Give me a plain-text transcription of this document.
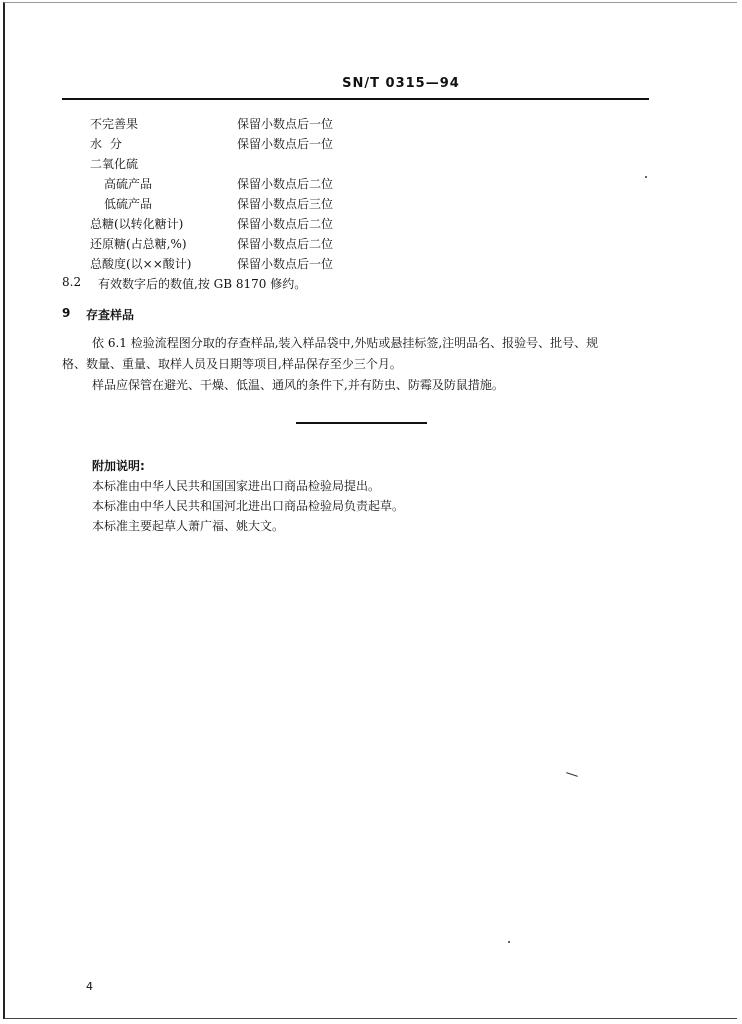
SN/T 0315—94
不完善果	保留小数点后一位
水 分	保留小数点后一位
二氧化硫
高硫产品	保留小数点后二位
低硫产品	保留小数点后三位
总糖(以转化糖计)	保留小数点后二位
还原糖(占总糖,%)	保留小数点后二位
总酸度(以××酸计)	保留小数点后一位
8.2 有效数字后的数值,按 GB 8170 修约。
9 存查样品
依 6.1 检验流程图分取的存查样品,装入样品袋中,外贴或悬挂标签,注明品名、报验号、批号、规
格、数量、重量、取样人员及日期等项目,样品保存至少三个月。
样品应保管在避光、干燥、低温、通风的条件下,并有防虫、防霉及防鼠措施。
附加说明:
本标准由中华人民共和国国家进出口商品检验局提出。
本标准由中华人民共和国河北进出口商品检验局负责起草。
本标准主要起草人萧广福、姚大文。
4
